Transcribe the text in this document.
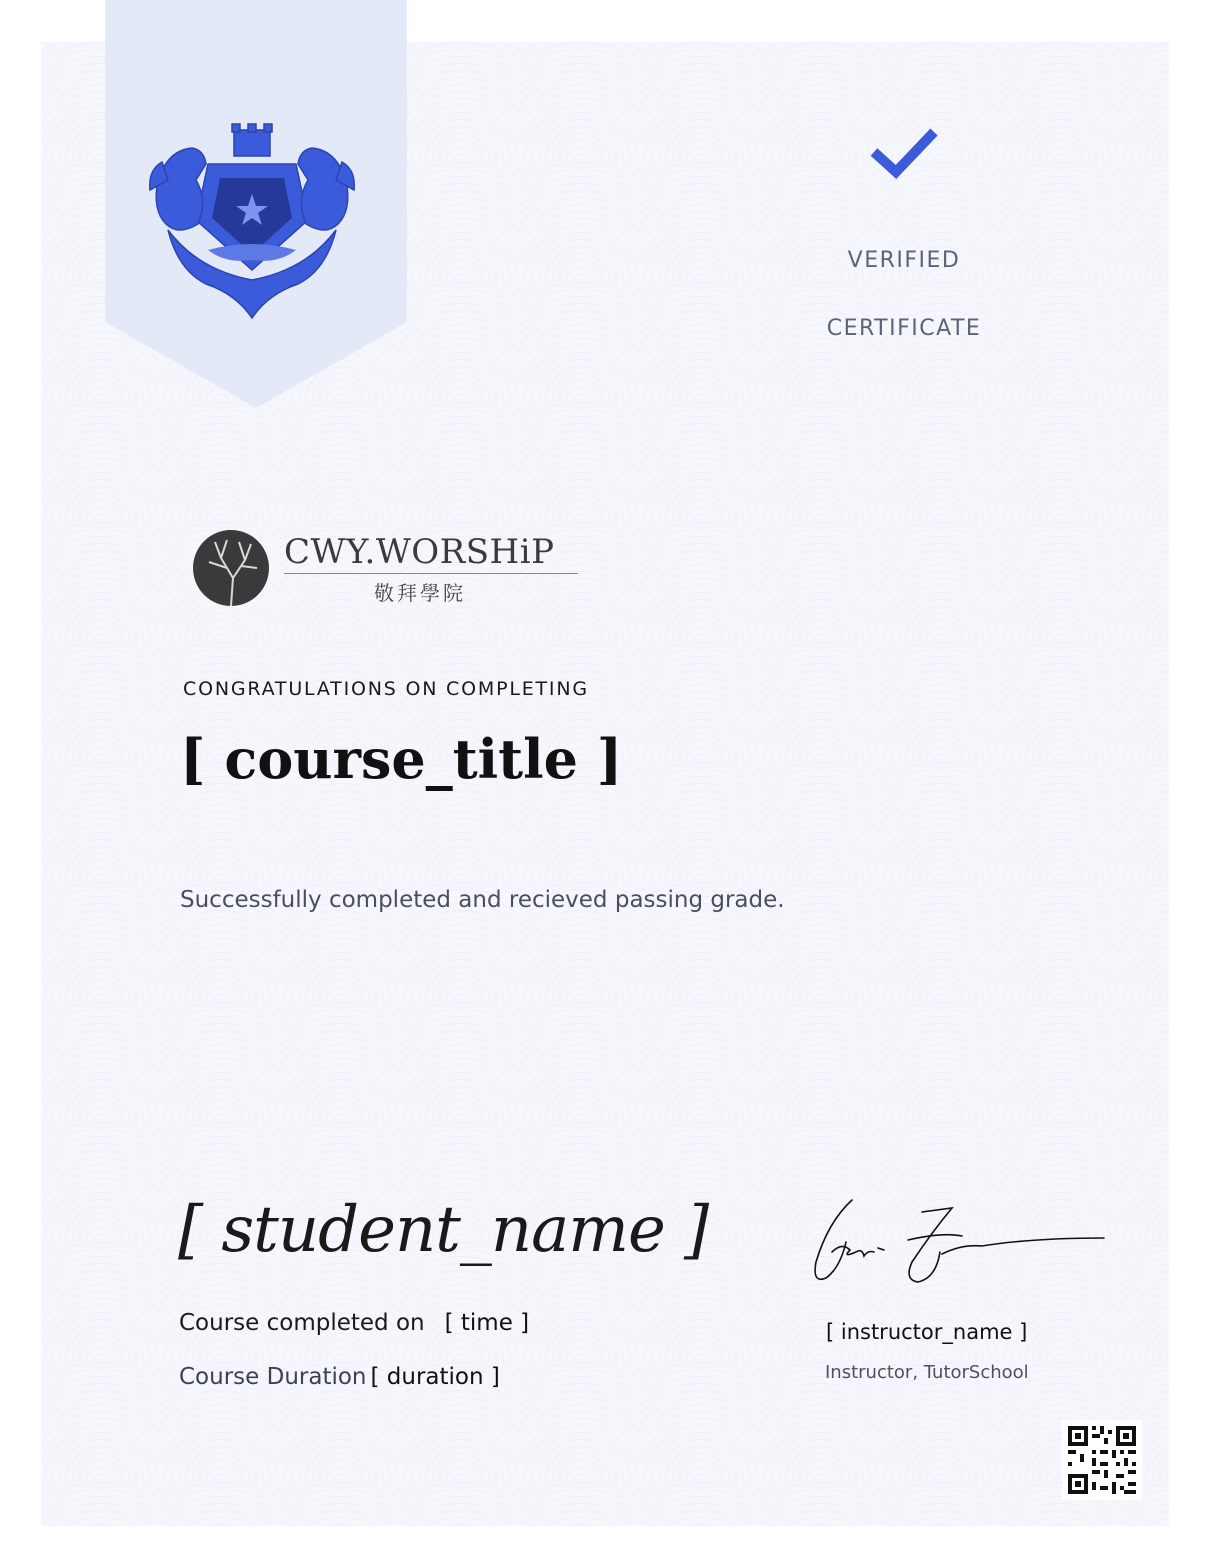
VERIFIED

CERTIFICATE

CWY.WORSHiP
敬拜學院
CONGRATULATIONS ON COMPLETING
[ course_title ]
Successfully completed and recieved passing grade.
[ student_name ]
Course completed on [ time ]
Course Duration [ duration ]
[ instructor_name ]
Instructor, TutorSchool
